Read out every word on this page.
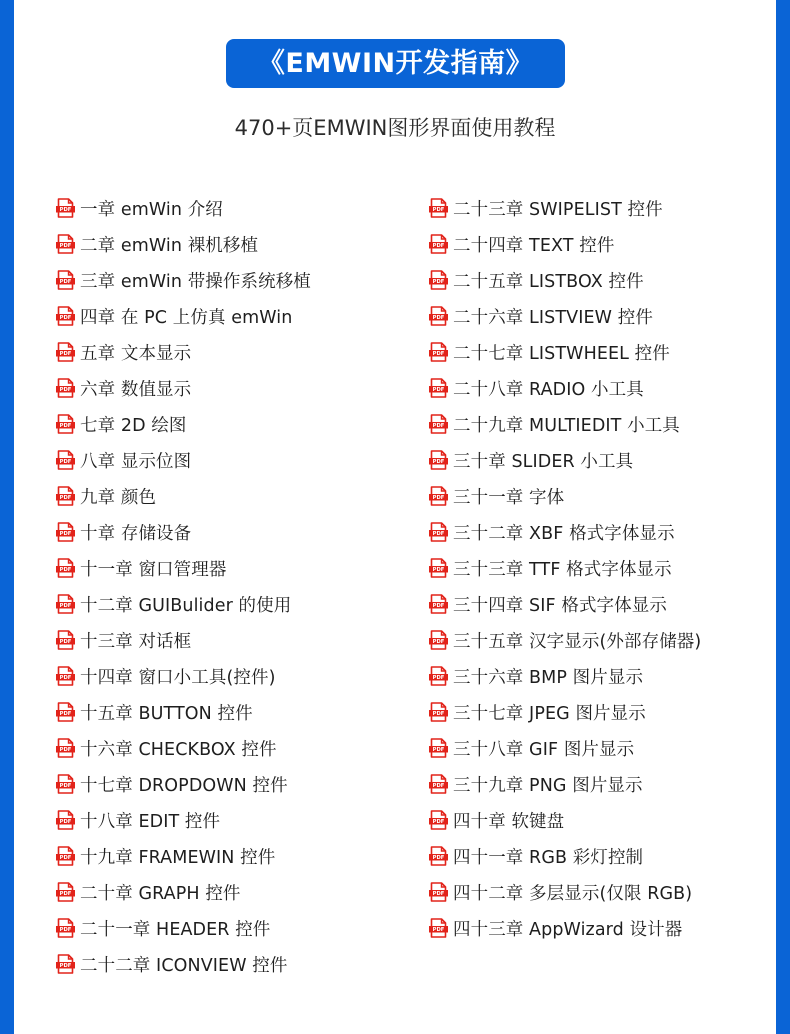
《EMWIN开发指南》
470+页EMWIN图形界面使用教程
PDF 一章 emWin 介绍
PDF 二章 emWin 裸机移植
PDF 三章 emWin 带操作系统移植
PDF 四章 在 PC 上仿真 emWin
PDF 五章 文本显示
PDF 六章 数值显示
PDF 七章 2D 绘图
PDF 八章 显示位图
PDF 九章 颜色
PDF 十章 存储设备
PDF 十一章 窗口管理器
PDF 十二章 GUIBulider 的使用
PDF 十三章 对话框
PDF 十四章 窗口小工具(控件)
PDF 十五章 BUTTON 控件
PDF 十六章 CHECKBOX 控件
PDF 十七章 DROPDOWN 控件
PDF 十八章 EDIT 控件
PDF 十九章 FRAMEWIN 控件
PDF 二十章 GRAPH 控件
PDF 二十一章 HEADER 控件
PDF 二十二章 ICONVIEW 控件
PDF 二十三章 SWIPELIST 控件
PDF 二十四章 TEXT 控件
PDF 二十五章 LISTBOX 控件
PDF 二十六章 LISTVIEW 控件
PDF 二十七章 LISTWHEEL 控件
PDF 二十八章 RADIO 小工具
PDF 二十九章 MULTIEDIT 小工具
PDF 三十章 SLIDER 小工具
PDF 三十一章 字体
PDF 三十二章 XBF 格式字体显示
PDF 三十三章 TTF 格式字体显示
PDF 三十四章 SIF 格式字体显示
PDF 三十五章 汉字显示(外部存储器)
PDF 三十六章 BMP 图片显示
PDF 三十七章 JPEG 图片显示
PDF 三十八章 GIF 图片显示
PDF 三十九章 PNG 图片显示
PDF 四十章 软键盘
PDF 四十一章 RGB 彩灯控制
PDF 四十二章 多层显示(仅限 RGB)
PDF 四十三章 AppWizard 设计器
